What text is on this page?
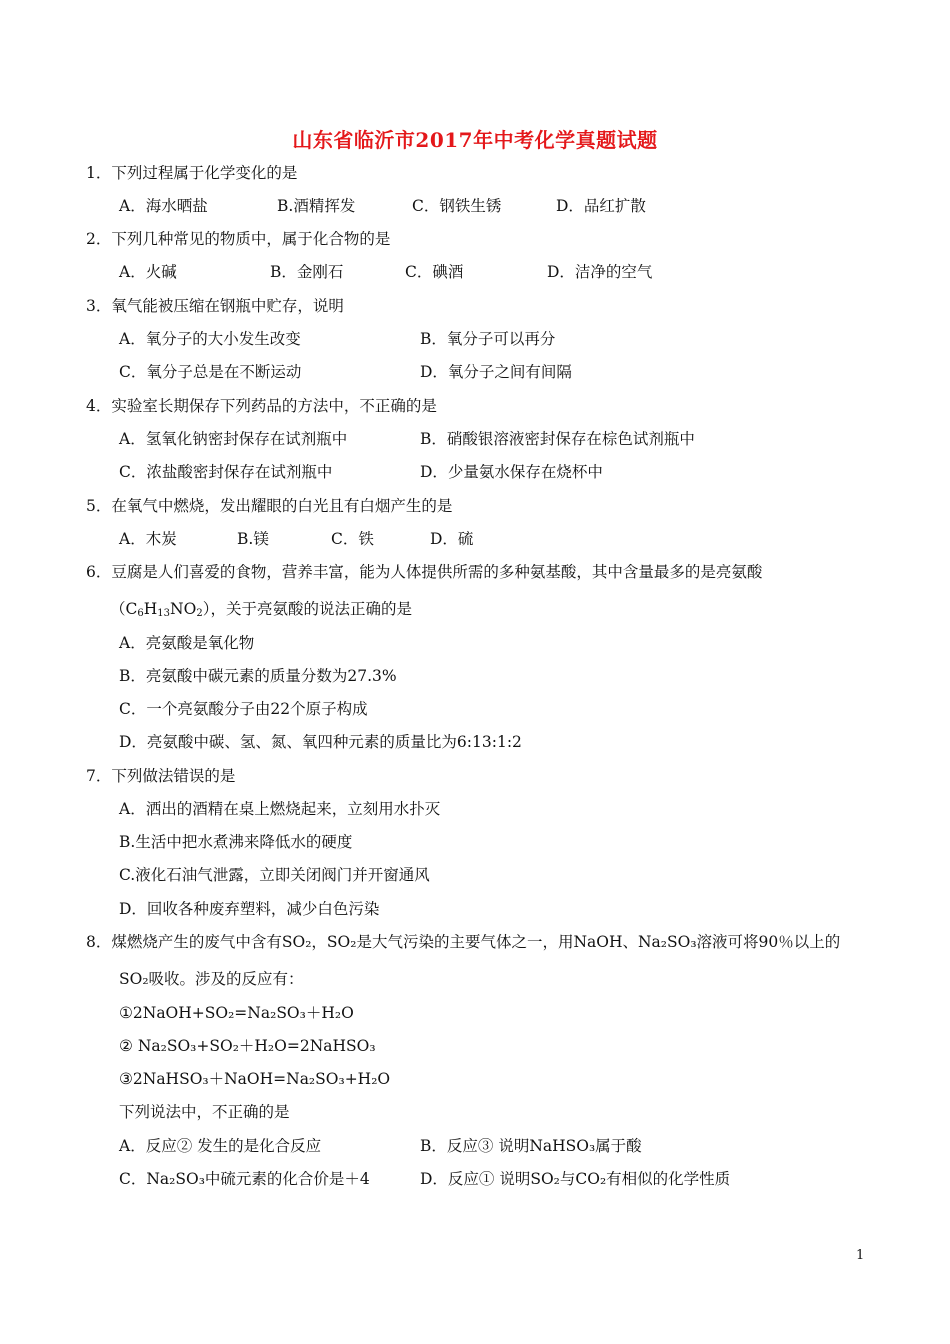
山东省临沂市2017年中考化学真题试题
1．下列过程属于化学变化的是
A．海水晒盐	B.酒精挥发	C．钢铁生锈	D．品红扩散
2．下列几种常见的物质中，属于化合物的是
A．火碱	B．金刚石	C．碘酒	D．洁净的空气
3．氧气能被压缩在钢瓶中贮存，说明
A．氧分子的大小发生改变	B．氧分子可以再分
C．氧分子总是在不断运动	D．氧分子之间有间隔
4．实验室长期保存下列药品的方法中，不正确的是
A．氢氧化钠密封保存在试剂瓶中	B．硝酸银溶液密封保存在棕色试剂瓶中
C．浓盐酸密封保存在试剂瓶中	D．少量氨水保存在烧杯中
5．在氧气中燃烧，发出耀眼的白光且有白烟产生的是
A．木炭	B.镁	C．铁	D．硫
6．豆腐是人们喜爱的食物，营养丰富，能为人体提供所需的多种氨基酸，其中含量最多的是亮氨酸
$(C_6H_{13}NO_2)$，关于亮氨酸的说法正确的是
A．亮氨酸是氧化物
B．亮氨酸中碳元素的质量分数为27.3%
C．一个亮氨酸分子由22个原子构成
D．亮氨酸中碳、氢、氮、氧四种元素的质量比为6:13:1:2
7．下列做法错误的是
A．洒出的酒精在桌上燃烧起来，立刻用水扑灭
B.生活中把水煮沸来降低水的硬度
C.液化石油气泄露，立即关闭阀门并开窗通风
D．回收各种废弃塑料，减少白色污染
8．煤燃烧产生的废气中含有SO₂，SO₂是大气污染的主要气体之一，用NaOH、Na₂SO₃溶液可将90％以上的
SO₂吸收。涉及的反应有：
①2NaOH+SO₂=Na₂SO₃＋H₂O
② Na₂SO₃+SO₂＋H₂O=2NaHSO₃
③2NaHSO₃＋NaOH=Na₂SO₃+H₂O
下列说法中，不正确的是
A．反应② 发生的是化合反应	B．反应③ 说明NaHSO₃属于酸
C．Na₂SO₃中硫元素的化合价是＋4	D．反应① 说明SO₂与CO₂有相似的化学性质
1
